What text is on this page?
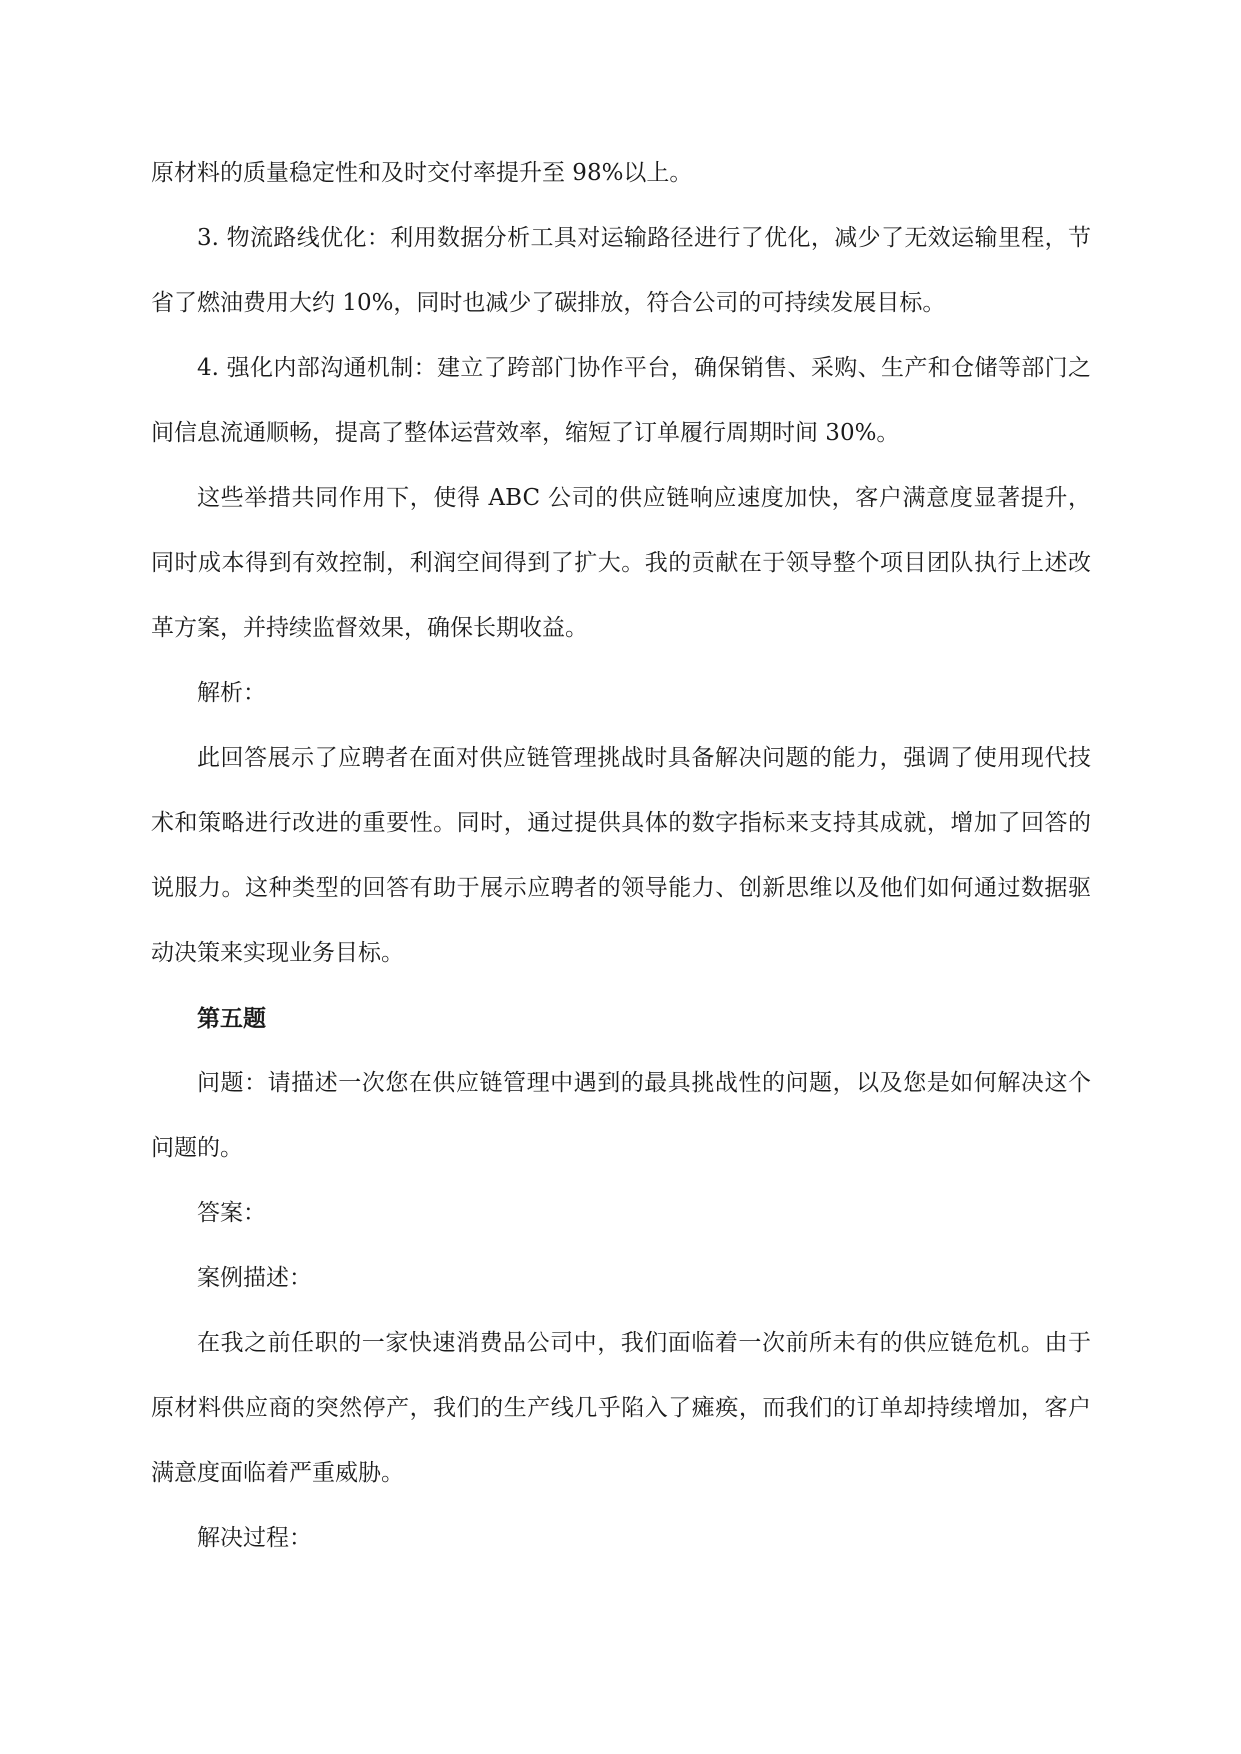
原材料的质量稳定性和及时交付率提升至 98%以上。

3. 物流路线优化：利用数据分析工具对运输路径进行了优化，减少了无效运输里程，节省了燃油费用大约 10%，同时也减少了碳排放，符合公司的可持续发展目标。

4. 强化内部沟通机制：建立了跨部门协作平台，确保销售、采购、生产和仓储等部门之间信息流通顺畅，提高了整体运营效率，缩短了订单履行周期时间 30%。

这些举措共同作用下，使得 ABC 公司的供应链响应速度加快，客户满意度显著提升，同时成本得到有效控制，利润空间得到了扩大。我的贡献在于领导整个项目团队执行上述改革方案，并持续监督效果，确保长期收益。

解析：

此回答展示了应聘者在面对供应链管理挑战时具备解决问题的能力，强调了使用现代技术和策略进行改进的重要性。同时，通过提供具体的数字指标来支持其成就，增加了回答的说服力。这种类型的回答有助于展示应聘者的领导能力、创新思维以及他们如何通过数据驱动决策来实现业务目标。

第五题

问题：请描述一次您在供应链管理中遇到的最具挑战性的问题，以及您是如何解决这个问题的。

答案：

案例描述：

在我之前任职的一家快速消费品公司中，我们面临着一次前所未有的供应链危机。由于原材料供应商的突然停产，我们的生产线几乎陷入了瘫痪，而我们的订单却持续增加，客户满意度面临着严重威胁。

解决过程：
